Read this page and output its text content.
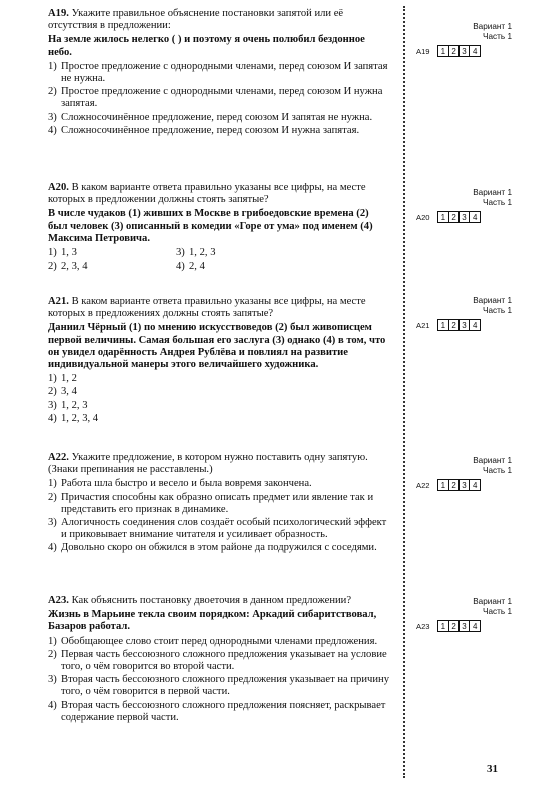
А19. Укажите правильное объяснение постановки запятой или её отсутствия в предложении:

На земле жилось нелегко ( ) и поэтому я очень полюбил бездонное небо.

1) Простое предложение с однородными членами, перед союзом И запятая не нужна.
2) Простое предложение с однородными членами, перед союзом И нужна запятая.
3) Сложносочинённое предложение, перед союзом И запятая не нужна.
4) Сложносочинённое предложение, перед союзом И нужна запятая.

А20. В каком варианте ответа правильно указаны все цифры, на месте которых в предложении должны стоять запятые?

В числе чудаков (1) живших в Москве в грибоедовские времена (2) был человек (3) описанный в комедии «Горе от ума» под именем (4) Максима Петровича.

1) 1, 3	3) 1, 2, 3
2) 2, 3, 4	4) 2, 4

А21. В каком варианте ответа правильно указаны все цифры, на месте которых в предложениях должны стоять запятые?

Даниил Чёрный (1) по мнению искусствоведов (2) был живописцем первой величины. Самая большая его заслуга (3) однако (4) в том, что он увидел одарённость Андрея Рублёва и повлиял на развитие индивидуальной манеры этого величайшего художника.

1) 1, 2
2) 3, 4
3) 1, 2, 3
4) 1, 2, 3, 4

А22. Укажите предложение, в котором нужно поставить одну запятую. (Знаки препинания не расставлены.)

1) Работа шла быстро и весело и была вовремя закончена.
2) Причастия способны как образно описать предмет или явление так и представить его признак в динамике.
3) Алогичность соединения слов создаёт особый психологический эффект и приковывает внимание читателя и усиливает образность.
4) Довольно скоро он обжился в этом районе да подружился с соседями.

А23. Как объяснить постановку двоеточия в данном предложении?

Жизнь в Марьине текла своим порядком: Аркадий сибаритствовал, Базаров работал.

1) Обобщающее слово стоит перед однородными членами предложения.
2) Первая часть бессоюзного сложного предложения указывает на условие того, о чём говорится во второй части.
3) Вторая часть бессоюзного сложного предложения указывает на причину того, о чём говорится в первой части.
4) Вторая часть бессоюзного сложного предложения поясняет, раскрывает содержание первой части.
Вариант 1
Часть 1
А19	1 2 3 4
Вариант 1
Часть 1
А20	1 2 3 4
Вариант 1
Часть 1
А21	1 2 3 4
Вариант 1
Часть 1
А22	1 2 3 4
Вариант 1
Часть 1
А23	1 2 3 4
31
